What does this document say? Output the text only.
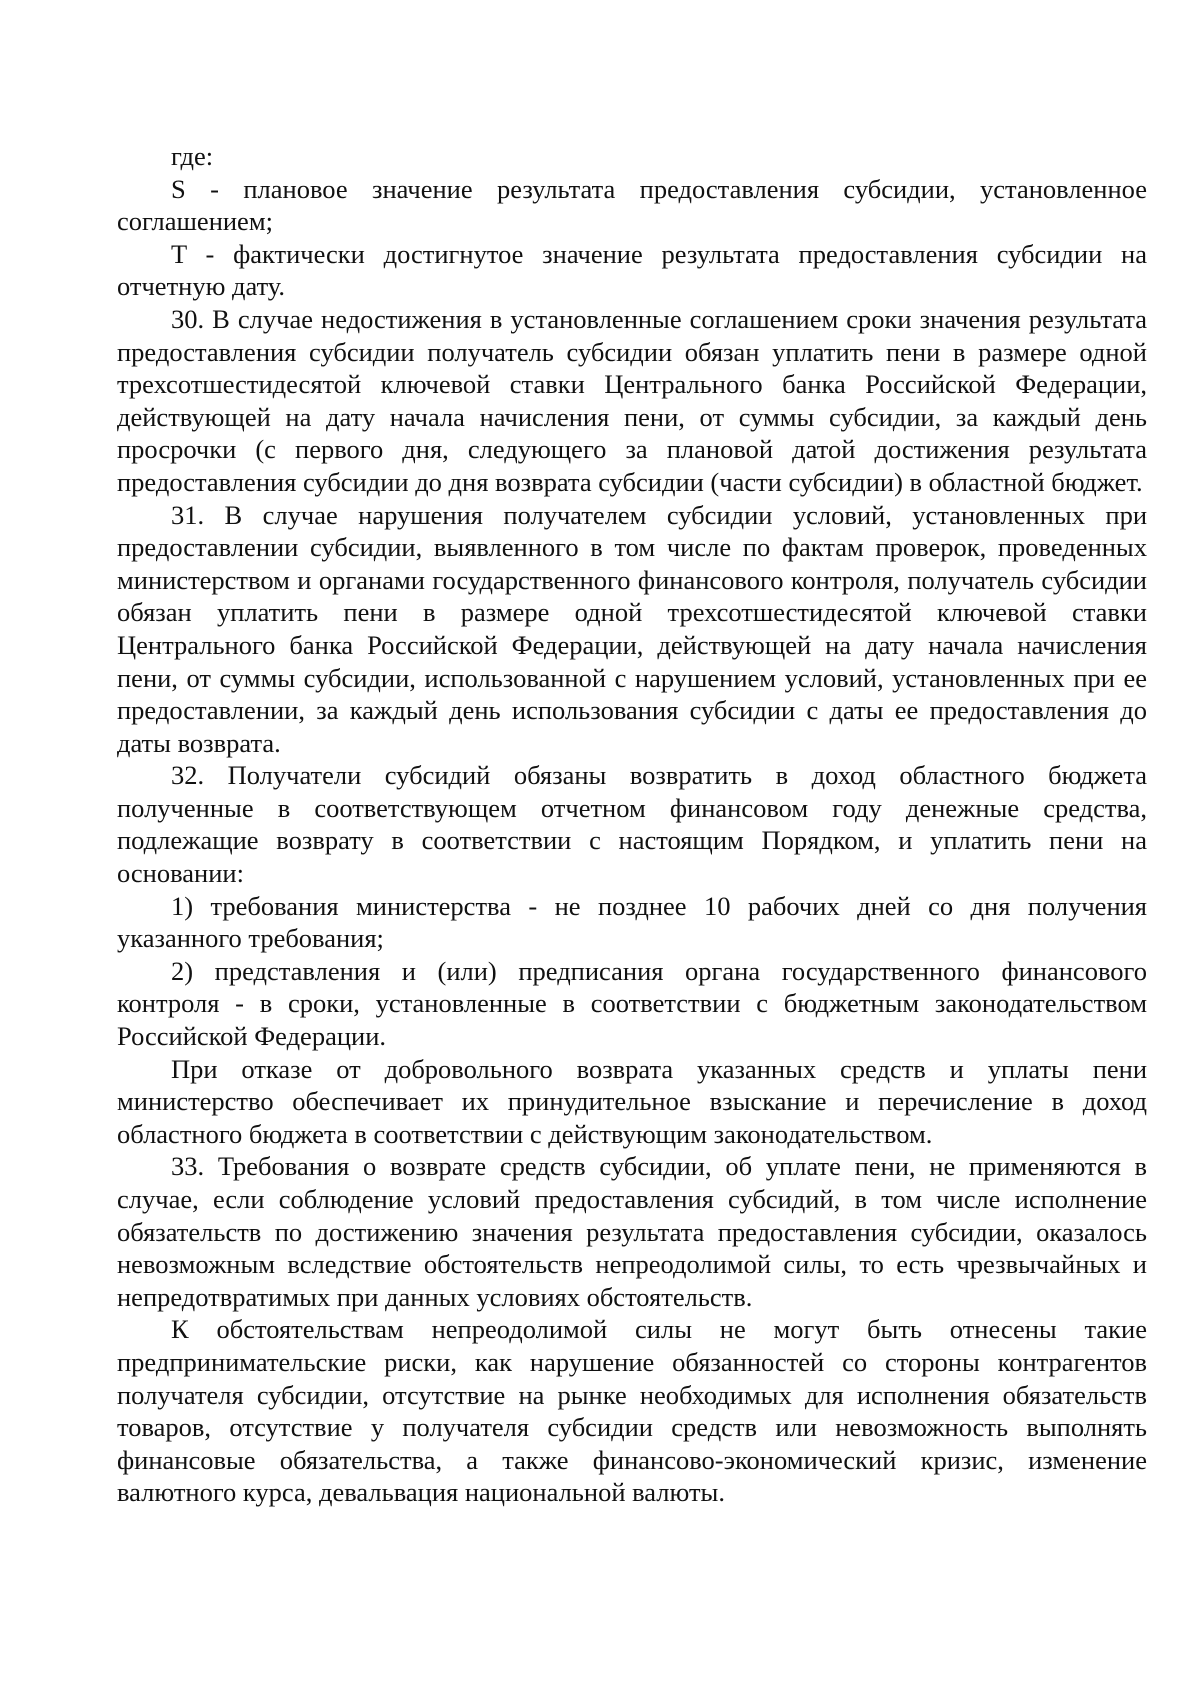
где:

S - плановое значение результата предоставления субсидии, установленное соглашением;

T - фактически достигнутое значение результата предоставления субсидии на отчетную дату.

30. В случае недостижения в установленные соглашением сроки значения результата предоставления субсидии получатель субсидии обязан уплатить пени в размере одной трехсотшестидесятой ключевой ставки Центрального банка Российской Федерации, действующей на дату начала начисления пени, от суммы субсидии, за каждый день просрочки (с первого дня, следующего за плановой датой достижения результата предоставления субсидии до дня возврата субсидии (части субсидии) в областной бюджет.

31. В случае нарушения получателем субсидии условий, установленных при предоставлении субсидии, выявленного в том числе по фактам проверок, проведенных министерством и органами государственного финансового контроля, получатель субсидии обязан уплатить пени в размере одной трехсотшестидесятой ключевой ставки Центрального банка Российской Федерации, действующей на дату начала начисления пени, от суммы субсидии, использованной с нарушением условий, установленных при ее предоставлении, за каждый день использования субсидии с даты ее предоставления до даты возврата.

32. Получатели субсидий обязаны возвратить в доход областного бюджета полученные в соответствующем отчетном финансовом году денежные средства, подлежащие возврату в соответствии с настоящим Порядком, и уплатить пени на основании:

1) требования министерства - не позднее 10 рабочих дней со дня получения указанного требования;

2) представления и (или) предписания органа государственного финансового контроля - в сроки, установленные в соответствии с бюджетным законодательством Российской Федерации.

При отказе от добровольного возврата указанных средств и уплаты пени министерство обеспечивает их принудительное взыскание и перечисление в доход областного бюджета в соответствии с действующим законодательством.

33. Требования о возврате средств субсидии, об уплате пени, не применяются в случае, если соблюдение условий предоставления субсидий, в том числе исполнение обязательств по достижению значения результата предоставления субсидии, оказалось невозможным вследствие обстоятельств непреодолимой силы, то есть чрезвычайных и непредотвратимых при данных условиях обстоятельств.

К обстоятельствам непреодолимой силы не могут быть отнесены такие предпринимательские риски, как нарушение обязанностей со стороны контрагентов получателя субсидии, отсутствие на рынке необходимых для исполнения обязательств товаров, отсутствие у получателя субсидии средств или невозможность выполнять финансовые обязательства, а также финансово-экономический кризис, изменение валютного курса, девальвация национальной валюты.
